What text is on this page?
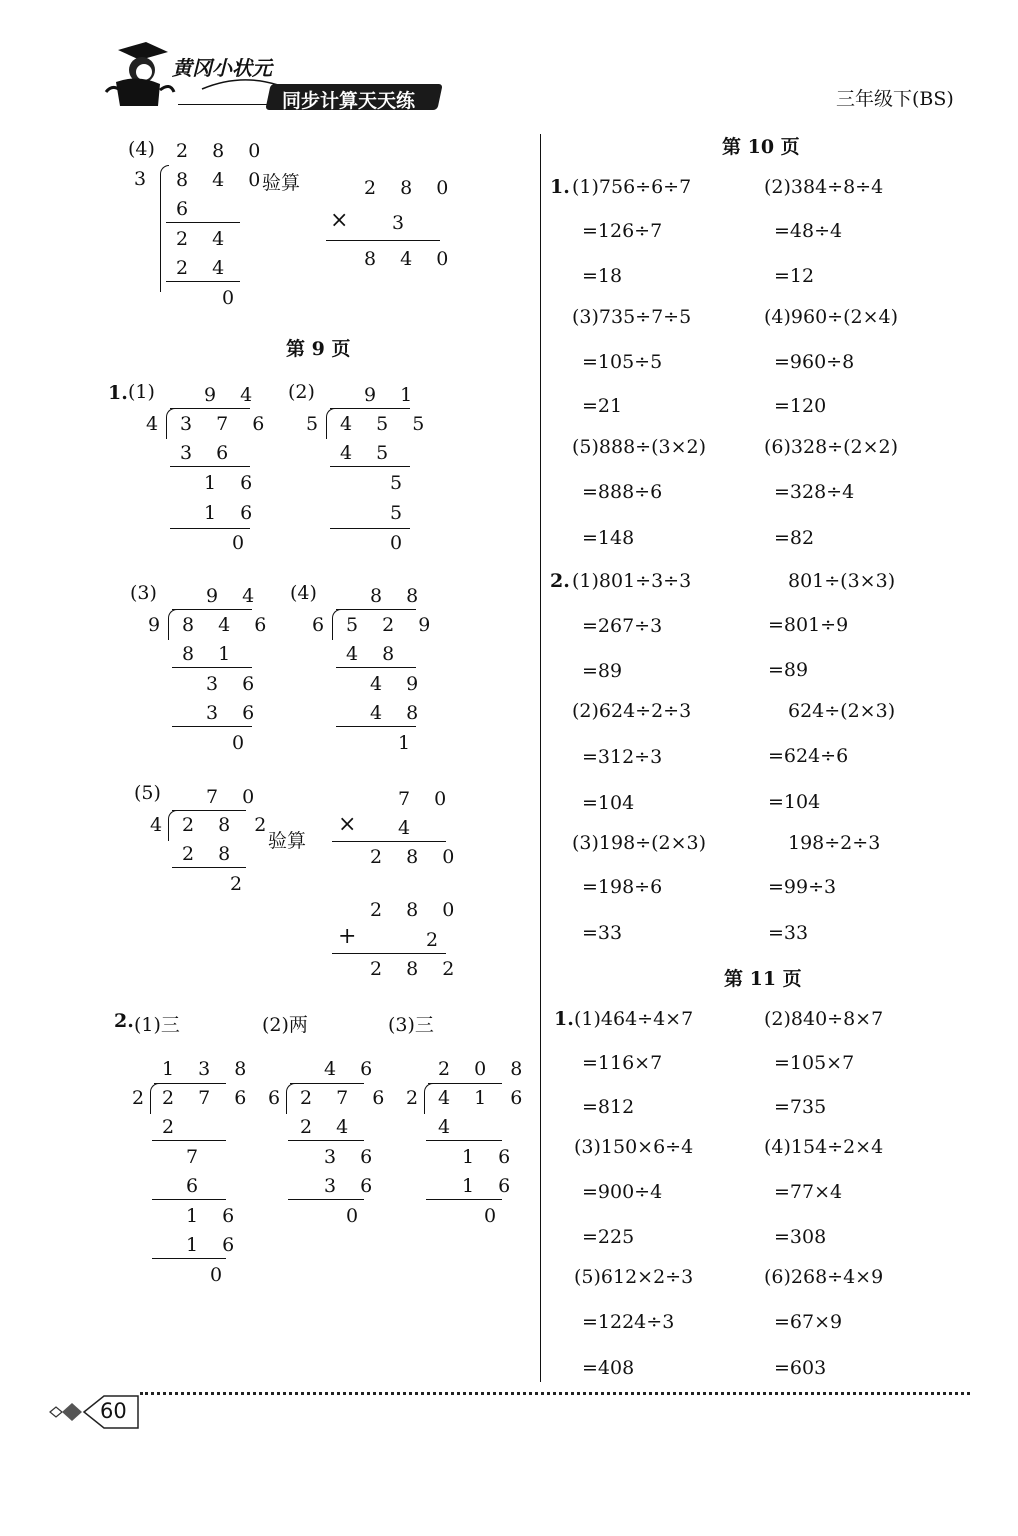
黄冈小状元
同步计算天天练	三年级下(BS)
(4) 2 8 0
3 8 4 0
6
2 4
2 4
0
验算	2 8 0
× 3
8 4 0
第 9 页
1. (1)	9 4
4 3 7 6
3 6
1 6
1 6
0
(2)	9 1
5 4 5 5
4 5
5
5
0
(3)	9 4
9 8 4 6
8 1
3 6
3 6
0
(4)	8 8
6 5 2 9
4 8
4 9
4 8
1
(5) 7 0
4 2 8 2
2 8
2
验算
7 0
× 4
2 8 0
2 8 0
+	2
2 8 2
2. (1)三	(2)两	(3)三
1 3 8
2 2 7 6
2
7
6
1 6
1 6
0
4 6
6 2 7 6
2 4
3 6
3 6
0
2 0 8
2 4 1 6
4
1 6
1 6
0
第 10 页
1. (1)756÷6÷7
=126÷7
=18
(2)384÷8÷4
=48÷4
=12
(3)735÷7÷5
=105÷5
=21
(4)960÷(2×4)
=960÷8
=120
(5)888÷(3×2)
=888÷6
=148
(6)328÷(2×2)
=328÷4
=82
2. (1)801÷3÷3
=267÷3
=89
801÷(3×3)
=801÷9
=89
(2)624÷2÷3
=312÷3
=104
624÷(2×3)
=624÷6
=104
(3)198÷(2×3)
=198÷6
=33
198÷2÷3
=99÷3
=33
第 11 页
1. (1)464÷4×7
=116×7
=812
(2)840÷8×7
=105×7
=735
(3)150×6÷4
=900÷4
=225
(4)154÷2×4
=77×4
=308
(5)612×2÷3
=1224÷3
=408
(6)268÷4×9
=67×9
=603
60
